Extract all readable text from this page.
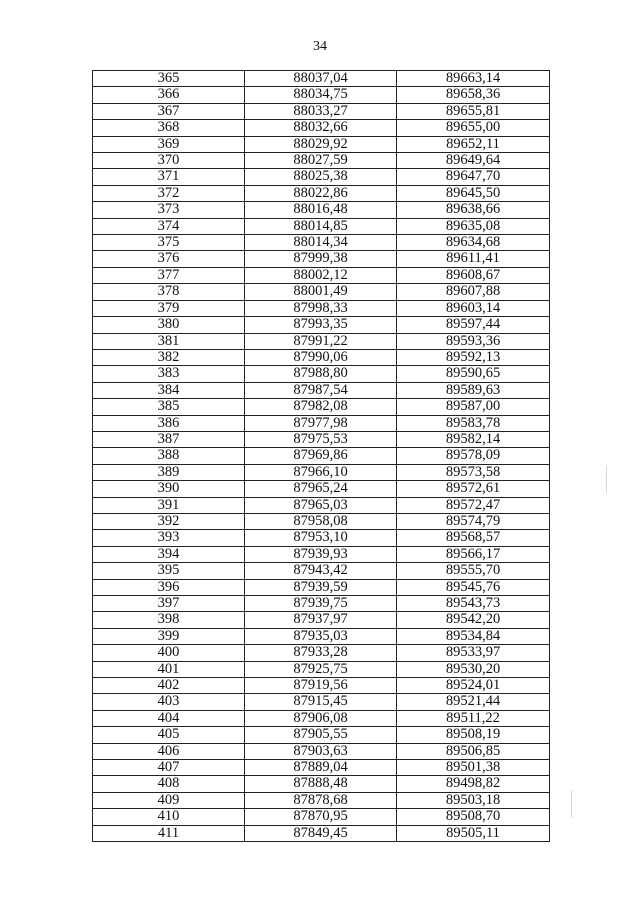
34
365	88037,04	89663,14
366	88034,75	89658,36
367	88033,27	89655,81
368	88032,66	89655,00
369	88029,92	89652,11
370	88027,59	89649,64
371	88025,38	89647,70
372	88022,86	89645,50
373	88016,48	89638,66
374	88014,85	89635,08
375	88014,34	89634,68
376	87999,38	89611,41
377	88002,12	89608,67
378	88001,49	89607,88
379	87998,33	89603,14
380	87993,35	89597,44
381	87991,22	89593,36
382	87990,06	89592,13
383	87988,80	89590,65
384	87987,54	89589,63
385	87982,08	89587,00
386	87977,98	89583,78
387	87975,53	89582,14
388	87969,86	89578,09
389	87966,10	89573,58
390	87965,24	89572,61
391	87965,03	89572,47
392	87958,08	89574,79
393	87953,10	89568,57
394	87939,93	89566,17
395	87943,42	89555,70
396	87939,59	89545,76
397	87939,75	89543,73
398	87937,97	89542,20
399	87935,03	89534,84
400	87933,28	89533,97
401	87925,75	89530,20
402	87919,56	89524,01
403	87915,45	89521,44
404	87906,08	89511,22
405	87905,55	89508,19
406	87903,63	89506,85
407	87889,04	89501,38
408	87888,48	89498,82
409	87878,68	89503,18
410	87870,95	89508,70
411	87849,45	89505,11
